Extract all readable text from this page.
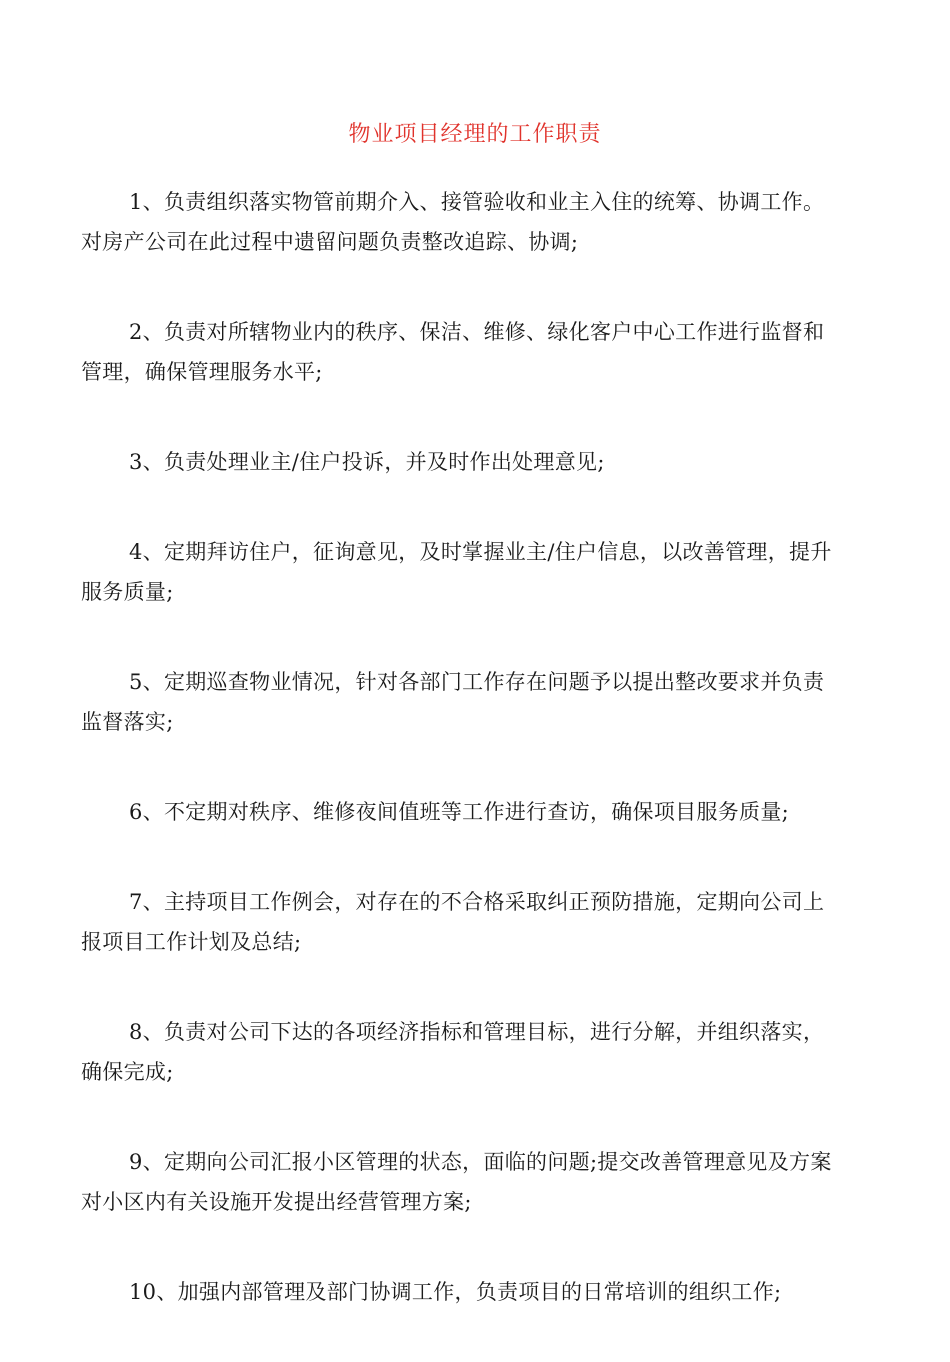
物业项目经理的工作职责
1、负责组织落实物管前期介入、接管验收和业主入住的统筹、协调工作。
对房产公司在此过程中遗留问题负责整改追踪、协调;
2、负责对所辖物业内的秩序、保洁、维修、绿化客户中心工作进行监督和
管理，确保管理服务水平;
3、负责处理业主/住户投诉，并及时作出处理意见;
4、定期拜访住户，征询意见，及时掌握业主/住户信息，以改善管理，提升
服务质量;
5、定期巡查物业情况，针对各部门工作存在问题予以提出整改要求并负责
监督落实;
6、不定期对秩序、维修夜间值班等工作进行查访，确保项目服务质量;
7、主持项目工作例会，对存在的不合格采取纠正预防措施，定期向公司上
报项目工作计划及总结;
8、负责对公司下达的各项经济指标和管理目标，进行分解，并组织落实，
确保完成;
9、定期向公司汇报小区管理的状态，面临的问题;提交改善管理意见及方案
对小区内有关设施开发提出经营管理方案;
10、加强内部管理及部门协调工作，负责项目的日常培训的组织工作;
